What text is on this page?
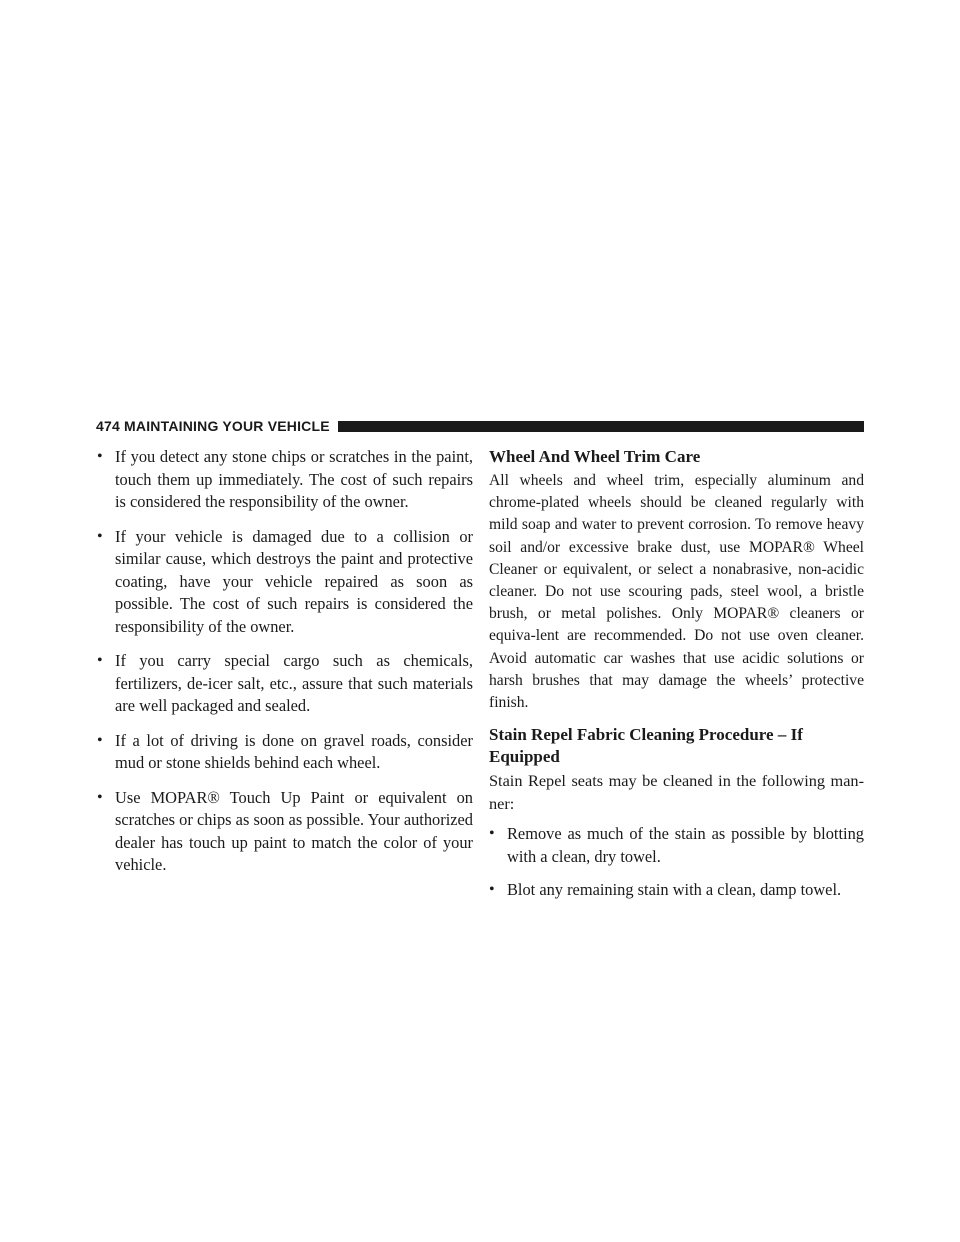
474 MAINTAINING YOUR VEHICLE
• If you detect any stone chips or scratches in the paint, touch them up immediately. The cost of such repairs is considered the responsibility of the owner.
• If your vehicle is damaged due to a collision or similar cause, which destroys the paint and protective coating, have your vehicle repaired as soon as possible. The cost of such repairs is considered the responsibility of the owner.
• If you carry special cargo such as chemicals, fertilizers, de-icer salt, etc., assure that such materials are well packaged and sealed.
• If a lot of driving is done on gravel roads, consider mud or stone shields behind each wheel.
• Use MOPAR® Touch Up Paint or equivalent on scratches or chips as soon as possible. Your authorized dealer has touch up paint to match the color of your vehicle.
Wheel And Wheel Trim Care
All wheels and wheel trim, especially aluminum and chrome-plated wheels should be cleaned regularly with mild soap and water to prevent corrosion. To remove heavy soil and/or excessive brake dust, use MOPAR® Wheel Cleaner or equivalent, or select a nonabrasive, non-acidic cleaner. Do not use scouring pads, steel wool, a bristle brush, or metal polishes. Only MOPAR® cleaners or equiva-lent are recommended. Do not use oven cleaner. Avoid automatic car washes that use acidic solutions or harsh brushes that may damage the wheels’ protective finish.
Stain Repel Fabric Cleaning Procedure – If Equipped
Stain Repel seats may be cleaned in the following man-ner:
• Remove as much of the stain as possible by blotting with a clean, dry towel.
• Blot any remaining stain with a clean, damp towel.
